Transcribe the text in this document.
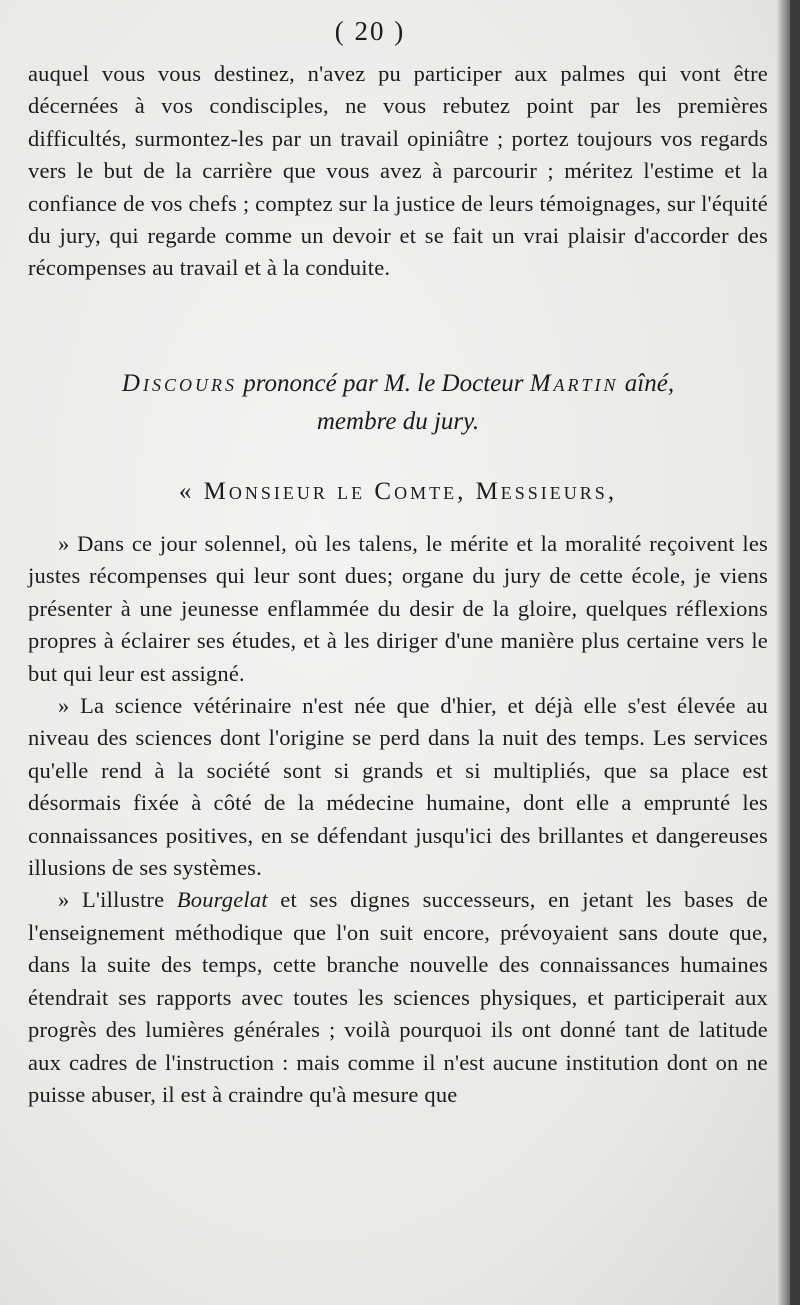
( 20 )

auquel vous vous destinez, n'avez pu participer aux palmes qui vont être décernées à vos condisciples, ne vous rebutez point par les premières difficultés, surmontez-les par un travail opiniâtre ; portez toujours vos regards vers le but de la carrière que vous avez à parcourir ; méritez l'estime et la confiance de vos chefs ; comptez sur la justice de leurs témoignages, sur l'équité du jury, qui regarde comme un devoir et se fait un vrai plaisir d'accorder des récompenses au travail et à la conduite.

Discours prononcé par M. le Docteur Martin aîné,
membre du jury.
« Monsieur le Comte, Messieurs,

» Dans ce jour solennel, où les talens, le mérite et la moralité reçoivent les justes récompenses qui leur sont dues; organe du jury de cette école, je viens présenter à une jeunesse enflammée du desir de la gloire, quelques réflexions propres à éclairer ses études, et à les diriger d'une manière plus certaine vers le but qui leur est assigné.

» La science vétérinaire n'est née que d'hier, et déjà elle s'est élevée au niveau des sciences dont l'origine se perd dans la nuit des temps. Les services qu'elle rend à la société sont si grands et si multipliés, que sa place est désormais fixée à côté de la médecine humaine, dont elle a emprunté les connaissances positives, en se défendant jusqu'ici des brillantes et dangereuses illusions de ses systèmes.

» L'illustre Bourgelat et ses dignes successeurs, en jetant les bases de l'enseignement méthodique que l'on suit encore, prévoyaient sans doute que, dans la suite des temps, cette branche nouvelle des connaissances humaines étendrait ses rapports avec toutes les sciences physiques, et participerait aux progrès des lumières générales ; voilà pourquoi ils ont donné tant de latitude aux cadres de l'instruction : mais comme il n'est aucune institution dont on ne puisse abuser, il est à craindre qu'à mesure que
